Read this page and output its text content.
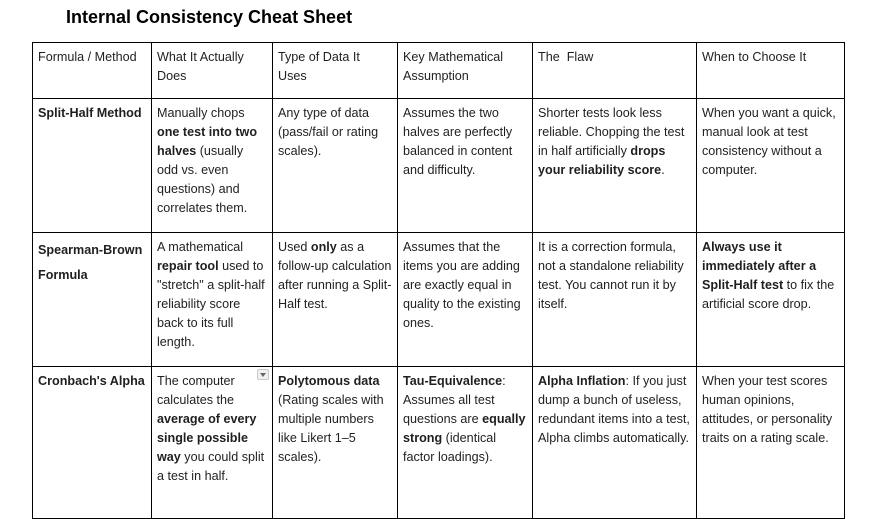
Internal Consistency Cheat Sheet
Formula / Method	What It Actually Does	Type of Data It Uses	Key Mathematical Assumption	The  Flaw	When to Choose It
Split-Half Method	Manually chops one test into two halves (usually odd vs. even questions) and correlates them.	Any type of data (pass/fail or rating scales).	Assumes the two halves are perfectly balanced in content and difficulty.	Shorter tests look less reliable. Chopping the test in half artificially drops your reliability score.	When you want a quick, manual look at test consistency without a computer.
Spearman-Brown Formula	A mathematical repair tool used to "stretch" a split-half reliability score back to its full length.	Used only as a follow-up calculation after running a Split-Half test.	Assumes that the items you are adding are exactly equal in quality to the existing ones.	It is a correction formula, not a standalone reliability test. You cannot run it by itself.	Always use it immediately after a Split-Half test to fix the artificial score drop.
Cronbach's Alpha	The computer calculates the average of every single possible way you could split a test in half.	Polytomous data (Rating scales with multiple numbers like Likert 1–5 scales).	Tau-Equivalence: Assumes all test questions are equally strong (identical factor loadings).	Alpha Inflation: If you just dump a bunch of useless, redundant items into a test, Alpha climbs automatically.	When your test scores human opinions, attitudes, or personality traits on a rating scale.
